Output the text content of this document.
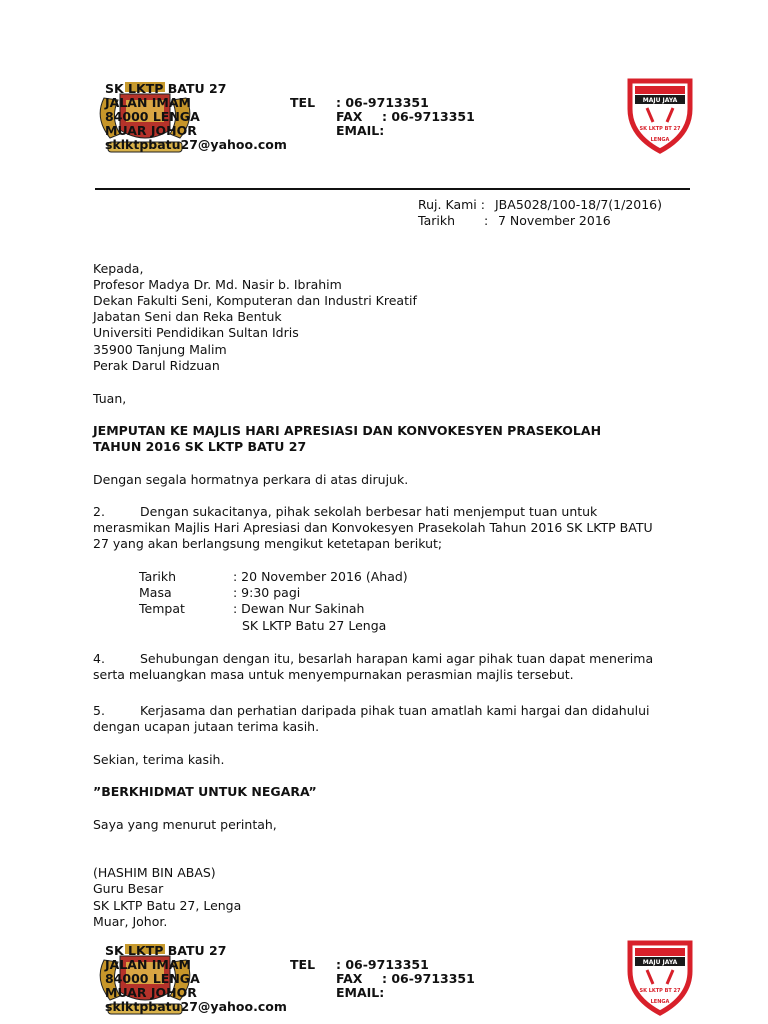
SK LKTP BATU 27
JALAN IMAM
84000 LENGA
MUAR JOHOR
sklktpbatu27@yahoo.com
TEL : 06-9713351
FAX : 06-9713351
EMAIL:
MAJU JAYA
SK LKTP BT 27
LENGA
Ruj. Kami : JBA5028/100-18/7(1/2016)
Tarikh : 7 November 2016
Kepada,
Profesor Madya Dr. Md. Nasir b. Ibrahim
Dekan Fakulti Seni, Komputeran dan Industri Kreatif
Jabatan Seni dan Reka Bentuk
Universiti Pendidikan Sultan Idris
35900 Tanjung Malim
Perak Darul Ridzuan
Tuan,
JEMPUTAN KE MAJLIS HARI APRESIASI DAN KONVOKESYEN PRASEKOLAH
TAHUN 2016 SK LKTP BATU 27
Dengan segala hormatnya perkara di atas dirujuk.
2.	Dengan sukacitanya, pihak sekolah berbesar hati menjemput tuan untuk
merasmikan Majlis Hari Apresiasi dan Konvokesyen Prasekolah Tahun 2016 SK LKTP BATU
27 yang akan berlangsung mengikut ketetapan berikut;
Tarikh	: 20 November 2016 (Ahad)
Masa	: 9:30 pagi
Tempat	: Dewan Nur Sakinah
SK LKTP Batu 27 Lenga
4.	Sehubungan dengan itu, besarlah harapan kami agar pihak tuan dapat menerima
serta meluangkan masa untuk menyempurnakan perasmian majlis tersebut.
5.	Kerjasama dan perhatian daripada pihak tuan amatlah kami hargai dan didahului
dengan ucapan jutaan terima kasih.
Sekian, terima kasih.
”BERKHIDMAT UNTUK NEGARA”
Saya yang menurut perintah,
(HASHIM BIN ABAS)
Guru Besar
SK LKTP Batu 27, Lenga
Muar, Johor.
SK LKTP BATU 27
JALAN IMAM
84000 LENGA
MUAR JOHOR
sklktpbatu27@yahoo.com
TEL : 06-9713351
FAX : 06-9713351
EMAIL:
MAJU JAYA
SK LKTP BT 27
LENGA
